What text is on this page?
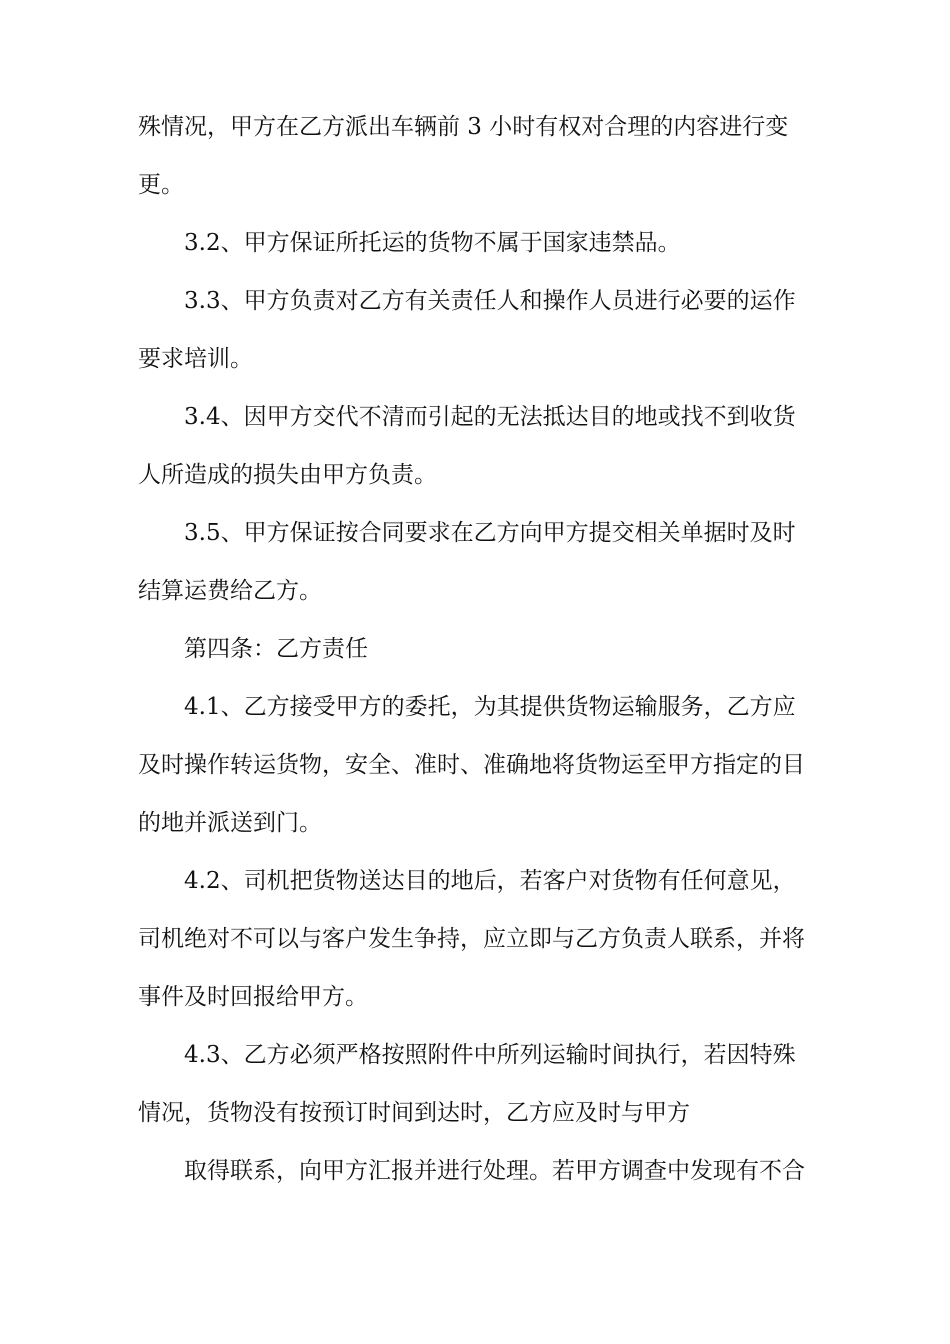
殊情况，甲方在乙方派出车辆前 3 小时有权对合理的内容进行变
更。

3.2、甲方保证所托运的货物不属于国家违禁品。

3.3、甲方负责对乙方有关责任人和操作人员进行必要的运作
要求培训。

3.4、因甲方交代不清而引起的无法抵达目的地或找不到收货
人所造成的损失由甲方负责。

3.5、甲方保证按合同要求在乙方向甲方提交相关单据时及时
结算运费给乙方。

第四条：乙方责任

4.1、乙方接受甲方的委托，为其提供货物运输服务，乙方应
及时操作转运货物，安全、准时、准确地将货物运至甲方指定的目
的地并派送到门。

4.2、司机把货物送达目的地后，若客户对货物有任何意见，
司机绝对不可以与客户发生争持，应立即与乙方负责人联系，并将
事件及时回报给甲方。

4.3、乙方必须严格按照附件中所列运输时间执行，若因特殊
情况，货物没有按预订时间到达时，乙方应及时与甲方

取得联系，向甲方汇报并进行处理。若甲方调查中发现有不合
